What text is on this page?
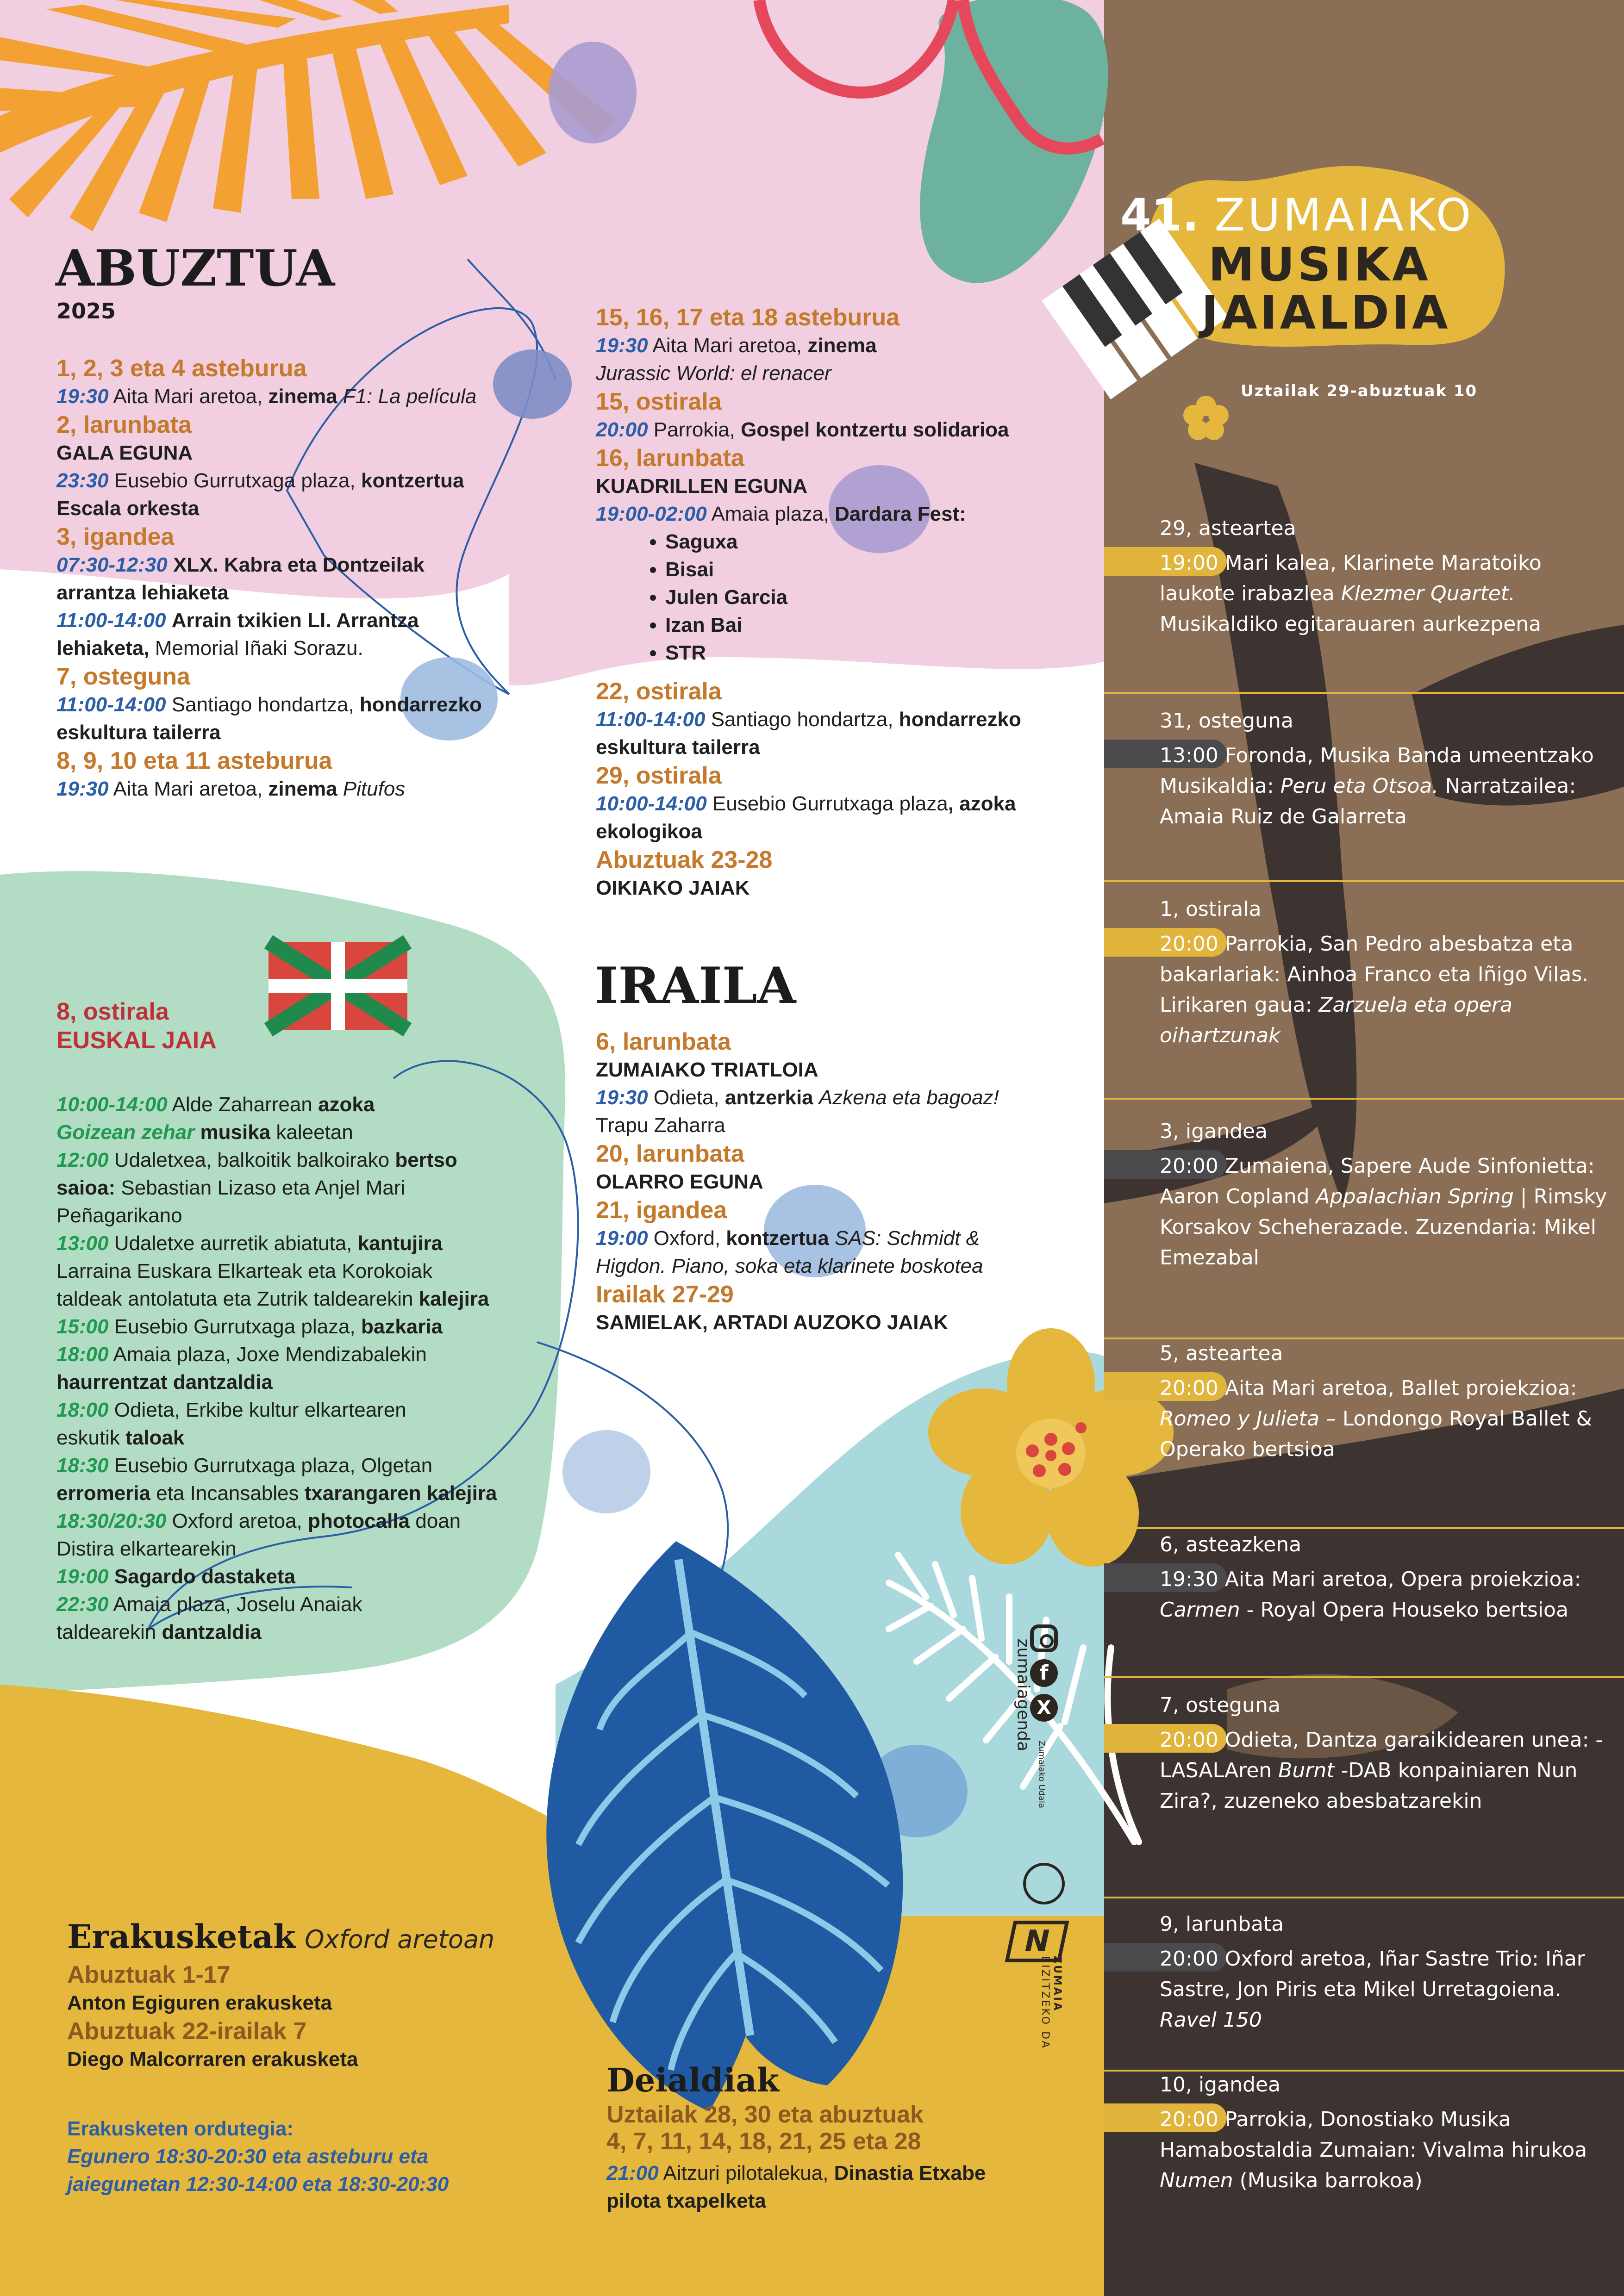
41. ZUMAIAKO
MUSIKA
JAIALDIA
Uztailak 29-abuztuak 10
ABUZTUA
2025
1, 2, 3 eta 4 asteburua
19:30 Aita Mari aretoa, zinema F1: La película
2, larunbata
GALA EGUNA
23:30 Eusebio Gurrutxaga plaza, kontzertua
Escala orkesta
3, igandea
07:30-12:30 XLX. Kabra eta Dontzeilak
arrantza lehiaketa
11:00-14:00 Arrain txikien LI. Arrantza
lehiaketa, Memorial Iñaki Sorazu.
7, osteguna
11:00-14:00 Santiago hondartza, hondarrezko
eskultura tailerra
8, 9, 10 eta 11 asteburua
19:30 Aita Mari aretoa, zinema Pitufos
15, 16, 17 eta 18 asteburua
19:30 Aita Mari aretoa, zinema
Jurassic World: el renacer
15, ostirala
20:00 Parrokia, Gospel kontzertu solidarioa
16, larunbata
KUADRILLEN EGUNA
19:00-02:00 Amaia plaza, Dardara Fest:
• Saguxa
• Bisai
• Julen Garcia
• Izan Bai
• STR
22, ostirala
11:00-14:00 Santiago hondartza, hondarrezko
eskultura tailerra
29, ostirala
10:00-14:00 Eusebio Gurrutxaga plaza, azoka
ekologikoa
Abuztuak 23-28
OIKIAKO JAIAK
IRAILA
6, larunbata
ZUMAIAKO TRIATLOIA
19:30 Odieta, antzerkia Azkena eta bagoaz!
Trapu Zaharra
20, larunbata
OLARRO EGUNA
21, igandea
19:00 Oxford, kontzertua SAS: Schmidt &
Higdon. Piano, soka eta klarinete boskotea
Irailak 27-29
SAMIELAK, ARTADI AUZOKO JAIAK
8, ostirala
EUSKAL JAIA
10:00-14:00 Alde Zaharrean azoka
Goizean zehar musika kaleetan
12:00 Udaletxea, balkoitik balkoirako bertso
saioa: Sebastian Lizaso eta Anjel Mari
Peñagarikano
13:00 Udaletxe aurretik abiatuta, kantujira
Larraina Euskara Elkarteak eta Korokoiak
taldeak antolatuta eta Zutrik taldearekin kalejira
15:00 Eusebio Gurrutxaga plaza, bazkaria
18:00 Amaia plaza, Joxe Mendizabalekin
haurrentzat dantzaldia
18:00 Odieta, Erkibe kultur elkartearen
eskutik taloak
18:30 Eusebio Gurrutxaga plaza, Olgetan
erromeria eta Incansables txarangaren kalejira
18:30/20:30 Oxford aretoa, photocalla doan
Distira elkartearekin
19:00 Sagardo dastaketa
22:30 Amaia plaza, Joselu Anaiak
taldearekin dantzaldia
Erakusketak Oxford aretoan
Abuztuak 1-17
Anton Egiguren erakusketa
Abuztuak 22-irailak 7
Diego Malcorraren erakusketa
Erakusketen ordutegia:
Egunero 18:30-20:30 eta asteburu eta
jaiegunetan 12:30-14:00 eta 18:30-20:30
Deialdiak
Uztailak 28, 30 eta abuztuak
4, 7, 11, 14, 18, 21, 25 eta 28
21:00 Aitzuri pilotalekua, Dinastia Etxabe
pilota txapelketa
f
X
zumaiagenda
Zumaiako Udala
N
ZUMAIA BIZITZEKO DA
29, asteartea
19:00 Mari kalea, Klarinete Maratoiko laukote irabazlea Klezmer Quartet. Musikaldiko egitarauaren aurkezpena
31, osteguna
13:00 Foronda, Musika Banda umeentzako Musikaldia: Peru eta Otsoa. Narratzailea: Amaia Ruiz de Galarreta
1, ostirala
20:00 Parrokia, San Pedro abesbatza eta bakarlariak: Ainhoa Franco eta Iñigo Vilas. Lirikaren gaua: Zarzuela eta opera oihartzunak
3, igandea
20:00 Zumaiena, Sapere Aude Sinfonietta: Aaron Copland Appalachian Spring | Rimsky Korsakov Scheherazade. Zuzendaria: Mikel Emezabal
5, asteartea
20:00 Aita Mari aretoa, Ballet proiekzioa: Romeo y Julieta – Londongo Royal Ballet & Operako bertsioa
6, asteazkena
19:30 Aita Mari aretoa, Opera proiekzioa: Carmen - Royal Opera Houseko bertsioa
7, osteguna
20:00 Odieta, Dantza garaikidearen unea: -LASALAren Burnt -DAB konpainiaren Nun Zira?, zuzeneko abesbatzarekin
9, larunbata
20:00 Oxford aretoa, Iñar Sastre Trio: Iñar Sastre, Jon Piris eta Mikel Urretagoiena. Ravel 150
10, igandea
20:00 Parrokia, Donostiako Musika Hamabostaldia Zumaian: Vivalma hirukoa Numen (Musika barrokoa)
